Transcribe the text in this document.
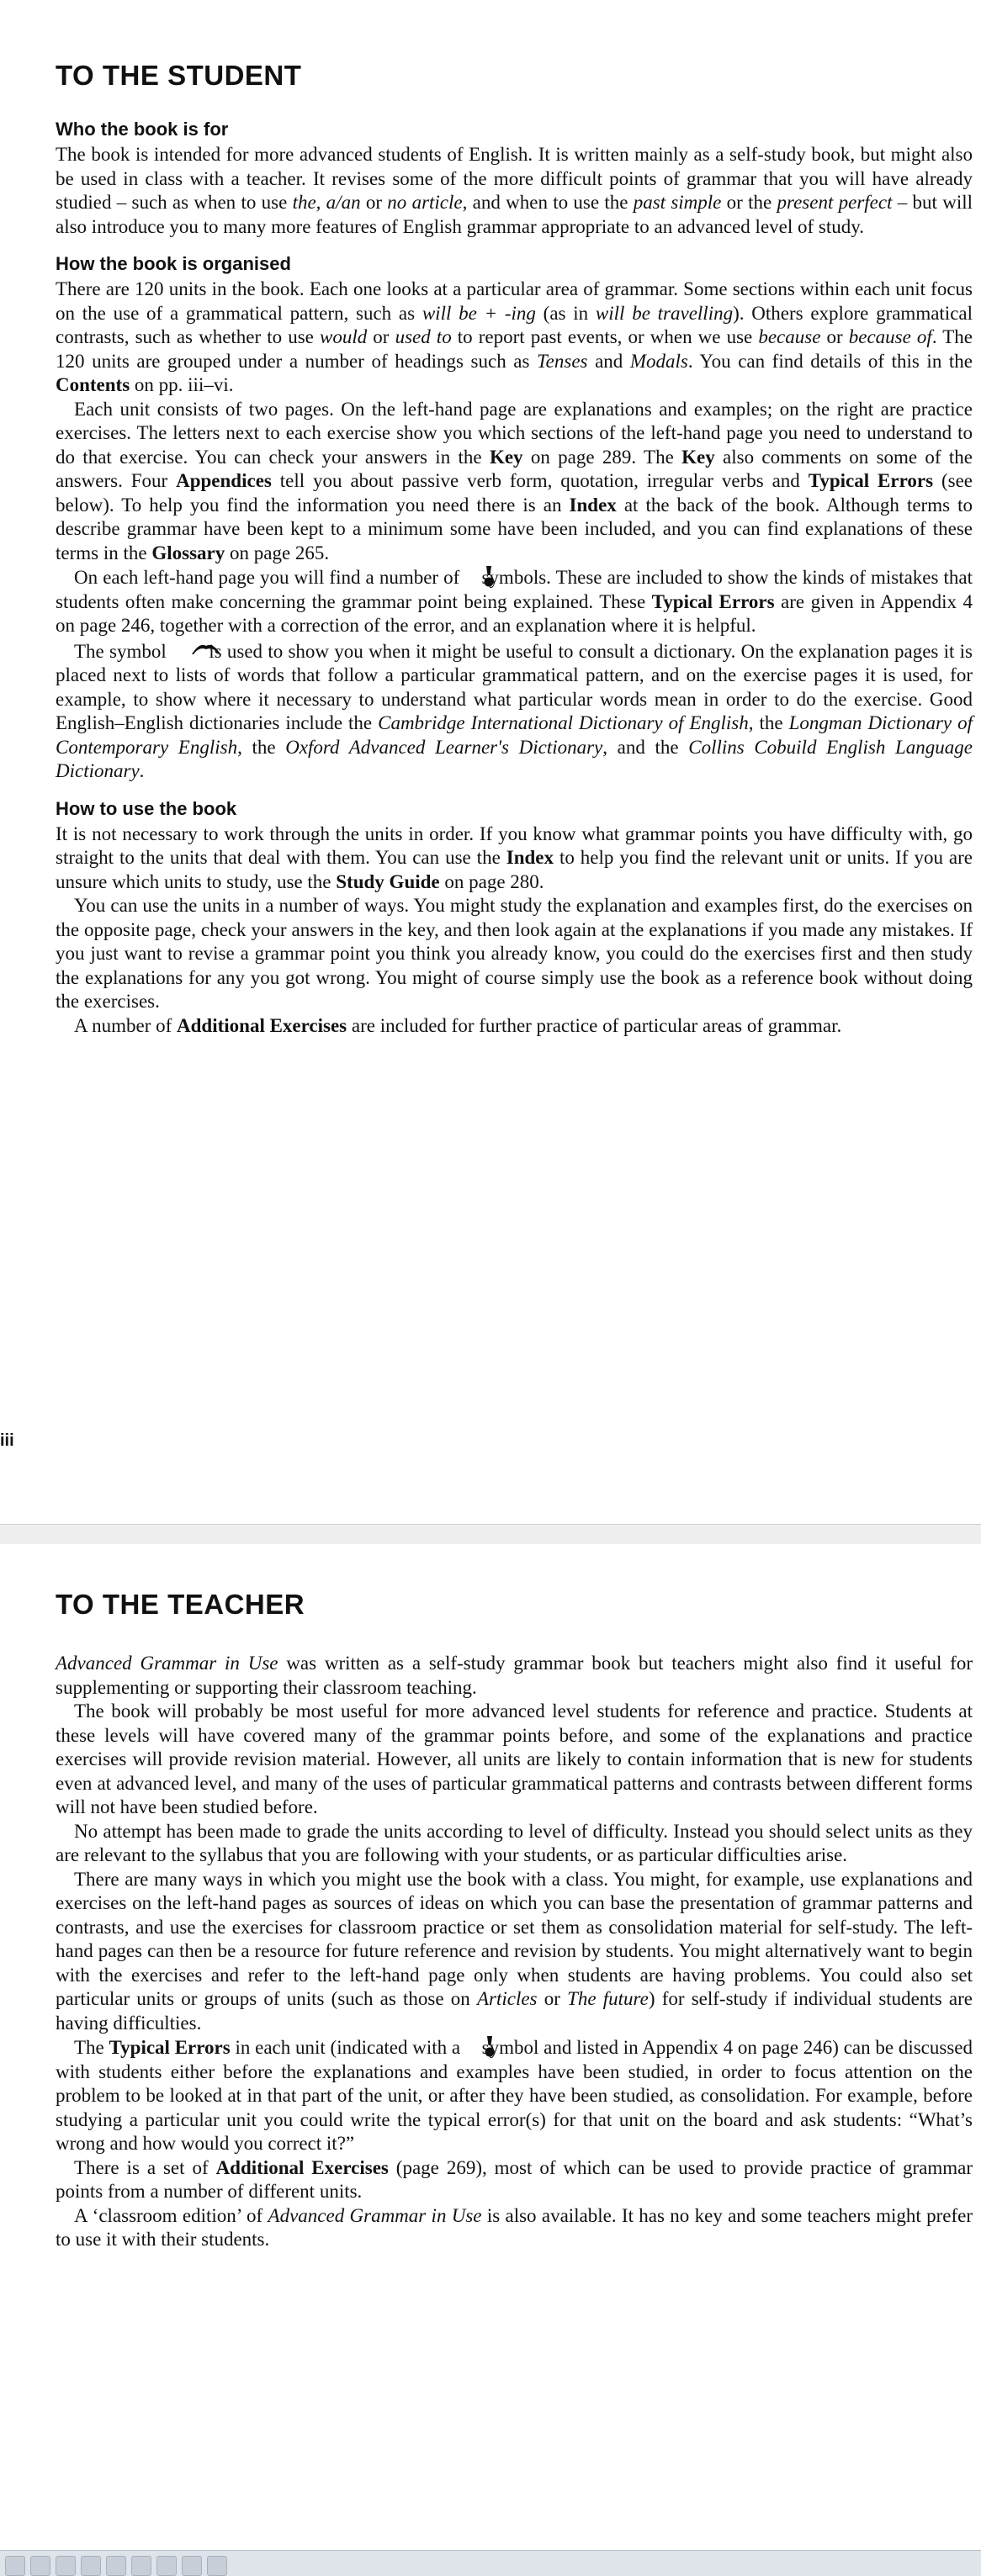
TO THE STUDENT
Who the book is for

The book is intended for more advanced students of English. It is written mainly as a self-study book, but might also be used in class with a teacher. It revises some of the more difficult points of grammar that you will have already studied – such as when to use the, a/an or no article, and when to use the past simple or the present perfect – but will also introduce you to many more features of English grammar appropriate to an advanced level of study.

How the book is organised

There are 120 units in the book. Each one looks at a particular area of grammar. Some sections within each unit focus on the use of a grammatical pattern, such as will be + -ing (as in will be travelling). Others explore grammatical contrasts, such as whether to use would or used to to report past events, or when we use because or because of. The 120 units are grouped under a number of headings such as Tenses and Modals. You can find details of this in the Contents on pp. iii–vi.

Each unit consists of two pages. On the left-hand page are explanations and examples; on the right are practice exercises. The letters next to each exercise show you which sections of the left-hand page you need to understand to do that exercise. You can check your answers in the Key on page 289. The Key also comments on some of the answers. Four Appendices tell you about passive verb form, quotation, irregular verbs and Typical Errors (see below). To help you find the information you need there is an Index at the back of the book. Although terms to describe grammar have been kept to a minimum some have been included, and you can find explanations of these terms in the Glossary on page 265.

On each left-hand page you will find a number of  symbols. These are included to show the kinds of mistakes that students often make concerning the grammar point being explained. These Typical Errors are given in Appendix 4 on page 246, together with a correction of the error, and an explanation where it is helpful.

The symbol  is used to show you when it might be useful to consult a dictionary. On the explanation pages it is placed next to lists of words that follow a particular grammatical pattern, and on the exercise pages it is used, for example, to show where it necessary to understand what particular words mean in order to do the exercise. Good English–English dictionaries include the Cambridge International Dictionary of English, the Longman Dictionary of Contemporary English, the Oxford Advanced Learner's Dictionary, and the Collins Cobuild English Language Dictionary.

How to use the book

It is not necessary to work through the units in order. If you know what grammar points you have difficulty with, go straight to the units that deal with them. You can use the Index to help you find the relevant unit or units. If you are unsure which units to study, use the Study Guide on page 280.

You can use the units in a number of ways. You might study the explanation and examples first, do the exercises on the opposite page, check your answers in the key, and then look again at the explanations if you made any mistakes. If you just want to revise a grammar point you think you already know, you could do the exercises first and then study the explanations for any you got wrong. You might of course simply use the book as a reference book without doing the exercises.

A number of Additional Exercises are included for further practice of particular areas of grammar.

iii
TO THE TEACHER

Advanced Grammar in Use was written as a self-study grammar book but teachers might also find it useful for supplementing or supporting their classroom teaching.

The book will probably be most useful for more advanced level students for reference and practice. Students at these levels will have covered many of the grammar points before, and some of the explanations and practice exercises will provide revision material. However, all units are likely to contain information that is new for students even at advanced level, and many of the uses of particular grammatical patterns and contrasts between different forms will not have been studied before.

No attempt has been made to grade the units according to level of difficulty. Instead you should select units as they are relevant to the syllabus that you are following with your students, or as particular difficulties arise.

There are many ways in which you might use the book with a class. You might, for example, use explanations and exercises on the left-hand pages as sources of ideas on which you can base the presentation of grammar patterns and contrasts, and use the exercises for classroom practice or set them as consolidation material for self-study. The left-hand pages can then be a resource for future reference and revision by students. You might alternatively want to begin with the exercises and refer to the left-hand page only when students are having problems. You could also set particular units or groups of units (such as those on Articles or The future) for self-study if individual students are having difficulties.

The Typical Errors in each unit (indicated with a  symbol and listed in Appendix 4 on page 246) can be discussed with students either before the explanations and examples have been studied, in order to focus attention on the problem to be looked at in that part of the unit, or after they have been studied, as consolidation. For example, before studying a particular unit you could write the typical error(s) for that unit on the board and ask students: “What’s wrong and how would you correct it?”

There is a set of Additional Exercises (page 269), most of which can be used to provide practice of grammar points from a number of different units.

A ‘classroom edition’ of Advanced Grammar in Use is also available. It has no key and some teachers might prefer to use it with their students.
